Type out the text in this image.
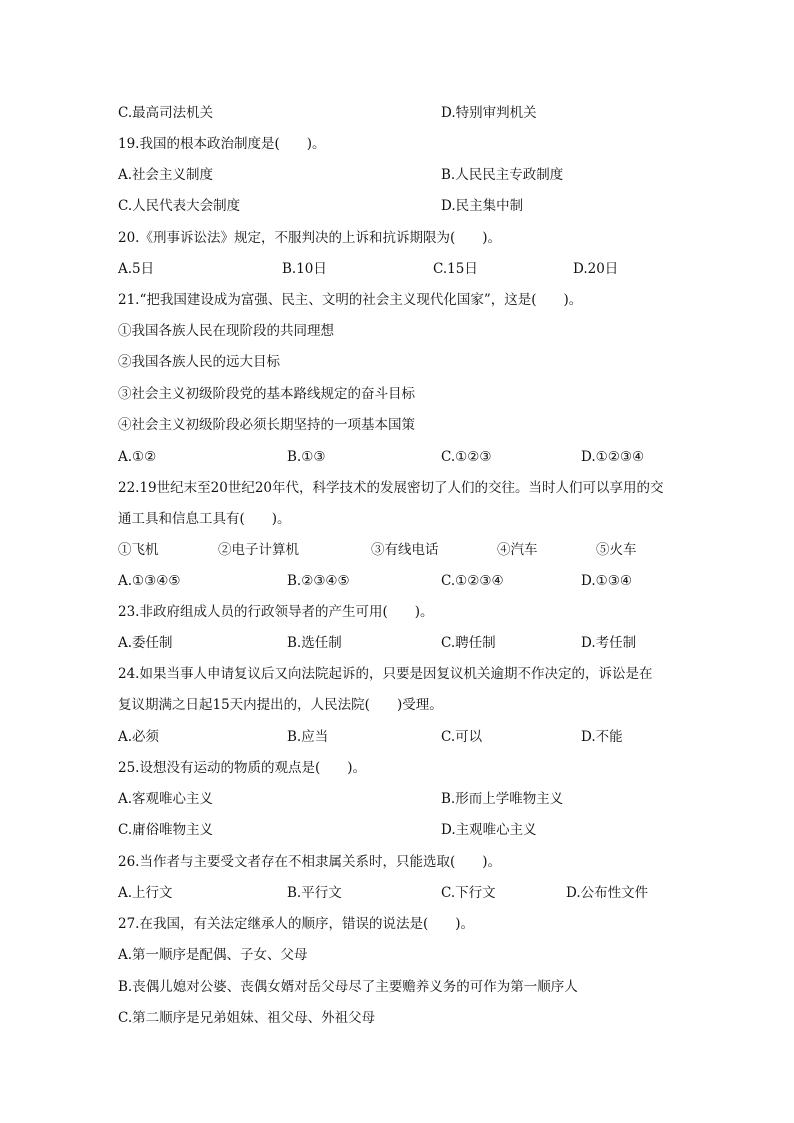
C.最高司法机关	D.特别审判机关
19.我国的根本政治制度是(　　)。
A.社会主义制度	B.人民民主专政制度
C.人民代表大会制度	D.民主集中制
20.《刑事诉讼法》规定，不服判决的上诉和抗诉期限为(　　)。
A.5日	B.10日	C.15日	D.20日
21.“把我国建设成为富强、民主、文明的社会主义现代化国家”，这是(　　)。
①我国各族人民在现阶段的共同理想
②我国各族人民的远大目标
③社会主义初级阶段党的基本路线规定的奋斗目标
④社会主义初级阶段必须长期坚持的一项基本国策
A.①②	B.①③	C.①②③	D.①②③④
22.19世纪末至20世纪20年代，科学技术的发展密切了人们的交往。当时人们可以享用的交
通工具和信息工具有(　　)。
①飞机	②电子计算机	③有线电话	④汽车	⑤火车
A.①③④⑤	B.②③④⑤	C.①②③④	D.①③④
23.非政府组成人员的行政领导者的产生可用(　　)。
A.委任制	B.选任制	C.聘任制	D.考任制
24.如果当事人申请复议后又向法院起诉的，只要是因复议机关逾期不作决定的，诉讼是在
复议期满之日起15天内提出的，人民法院(　　)受理。
A.必须	B.应当	C.可以	D.不能
25.设想没有运动的物质的观点是(　　)。
A.客观唯心主义	B.形而上学唯物主义
C.庸俗唯物主义	D.主观唯心主义
26.当作者与主要受文者存在不相隶属关系时，只能选取(　　)。
A.上行文	B.平行文	C.下行文	D.公布性文件
27.在我国，有关法定继承人的顺序，错误的说法是(　　)。
A.第一顺序是配偶、子女、父母
B.丧偶儿媳对公婆、丧偶女婿对岳父母尽了主要赡养义务的可作为第一顺序人
C.第二顺序是兄弟姐妹、祖父母、外祖父母
